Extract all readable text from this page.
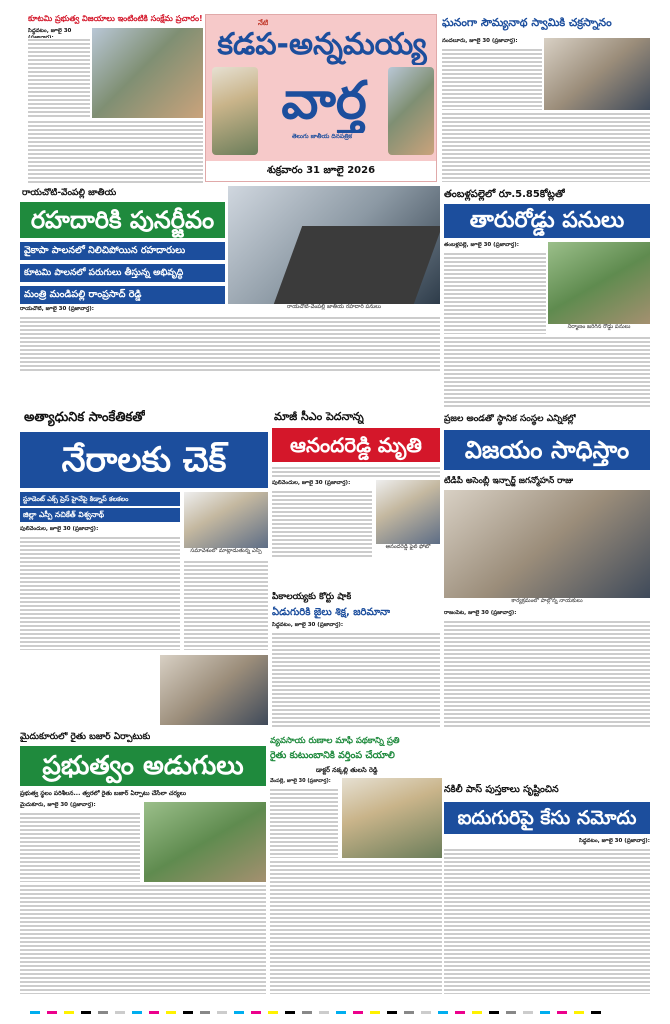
నేటి
కడప-అన్నమయ్య
వార్త
తెలుగు జాతీయ దినపత్రిక
శుక్రవారం 31 జూలై 2026
కూటమి ప్రభుత్వ విజయాలు ఇంటింటికి సంక్షేమ ప్రచారం!
సిద్ధవటం, జూలై 30
ఘనంగా సౌమ్యనాథ స్వామికి చక్రస్నానం
నందలూరు, జూలై 30 (ప్రజావార్త):
రాయచోటి-వేంపల్లి జాతీయ
రహదారికి పునర్జీవం
వైకాపా పాలనలో నిలిచిపోయిన రహదారులు
కూటమి పాలనలో పరుగులు తీస్తున్న అభివృద్ధి
మంత్రి మండిపల్లి రాంప్రసాద్ రెడ్డి
రాయచోటి-వేంపల్లి జాతీయ రహదారి పనులు
రాయచోటి, జూలై 30 (ప్రజావార్త):
తంబళ్లపల్లెలో రూ.5.85కోట్లతో
తారురోడ్డు పనులు
తంబళ్లపల్లె, జూలై 30 (ప్రజావార్త):
నిర్మాణం జరిగిన రోడ్డు పనులు
అత్యాధునిక సాంకేతికతో
నేరాలకు చెక్
స్టూడెంట్ ఎక్స్ ప్రెస్ హైవేపై కిడ్నాప్ కలకలం
జిల్లా ఎస్పీ నచికేత్ విశ్వనాథ్
సమావేశంలో మాట్లాడుతున్న ఎస్పీ
పులివెందుల, జూలై 30 (ప్రజావార్త):
మాజీ సీఎం పెదనాన్న
ఆనందరెడ్డి మృతి
పులివెందుల, జూలై 30 (ప్రజావార్త):
ఆనందరెడ్డి ఫైల్ ఫోటో
పీకాలయ్యకు కోర్టు షాక్
ఏడుగురికి జైలు శిక్ష, జరిమానా
సిద్ధవటం, జూలై 30 (ప్రజావార్త):
ప్రజల అండతో స్థానిక సంస్థల ఎన్నికల్లో
విజయం సాధిస్తాం
టీడీపీ అసెంబ్లీ ఇన్చార్జ్ జగన్మోహన్ రాజు
కార్యక్రమంలో పాల్గొన్న నాయకులు
రాజంపేట, జూలై 30 (ప్రజావార్త):
మైదుకూరులో రైతు బజార్ ఏర్పాటుకు
ప్రభుత్వం అడుగులు
ప్రభుత్వ స్థలం పరిశీలన... త్వరలో రైతు బజార్ ఏర్పాటు చేసేలా చర్యలు
మైదుకూరు, జూలై 30 (ప్రజావార్త):
వ్యవసాయ రుణాల మాఫీ పథకాన్ని ప్రతి
రైతు కుటుంబానికి వర్తింప చేయాలి
డాక్టర్ నక్కల్లి తులసి రెడ్డి
వేంపల్లె, జూలై 30 (ప్రజావార్త):
నకిలీ పాస్ పుస్తకాలు సృష్టించిన
ఐదుగురిపై కేసు నమోదు
సిద్ధవటం, జూలై 30 (ప్రజావార్త):
